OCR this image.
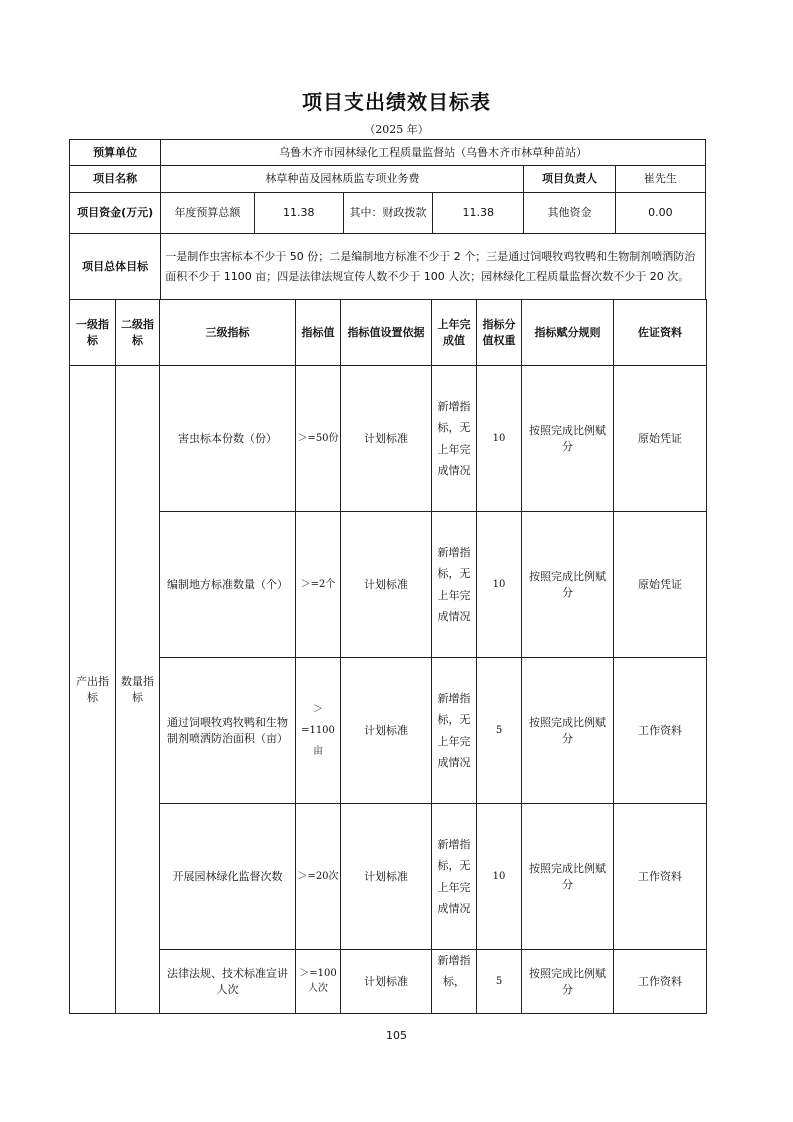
项目支出绩效目标表
（2025 年）
预算单位	乌鲁木齐市园林绿化工程质量监督站（乌鲁木齐市林草种苗站）					
项目名称	林草种苗及园林质监专项业务费				项目负责人	崔先生
项目资金(万元)	年度预算总额	11.38	其中：财政拨款	11.38	其他资金	0.00
项目总体目标	一是制作虫害标本不少于 50 份；二是编制地方标准不少于 2 个；三是通过饲喂牧鸡牧鸭和生物制剂喷洒防治面积不少于 1100 亩；四是法律法规宣传人数不少于 100 人次；园林绿化工程质量监督次数不少于 20 次。					
一级指标	二级指标	三级指标	指标值	指标值设置依据	上年完成值	指标分值权重	指标赋分规则	佐证资料
产出指标	数量指标	害虫标本份数（份）	＞=50份	计划标准	新增指标，无上年完成情况	10	按照完成比例赋分	原始凭证
		编制地方标准数量（个）	＞=2个	计划标准	新增指标，无上年完成情况	10	按照完成比例赋分	原始凭证
		通过饲喂牧鸡牧鸭和生物制剂喷洒防治面积（亩）	＞=1100亩	计划标准	新增指标，无上年完成情况	5	按照完成比例赋分	工作资料
		开展园林绿化监督次数	＞=20次	计划标准	新增指标，无上年完成情况	10	按照完成比例赋分	工作资料
		法律法规、技术标准宣讲人次	＞=100人次	计划标准	新增指标，	5	按照完成比例赋分	工作资料
105
